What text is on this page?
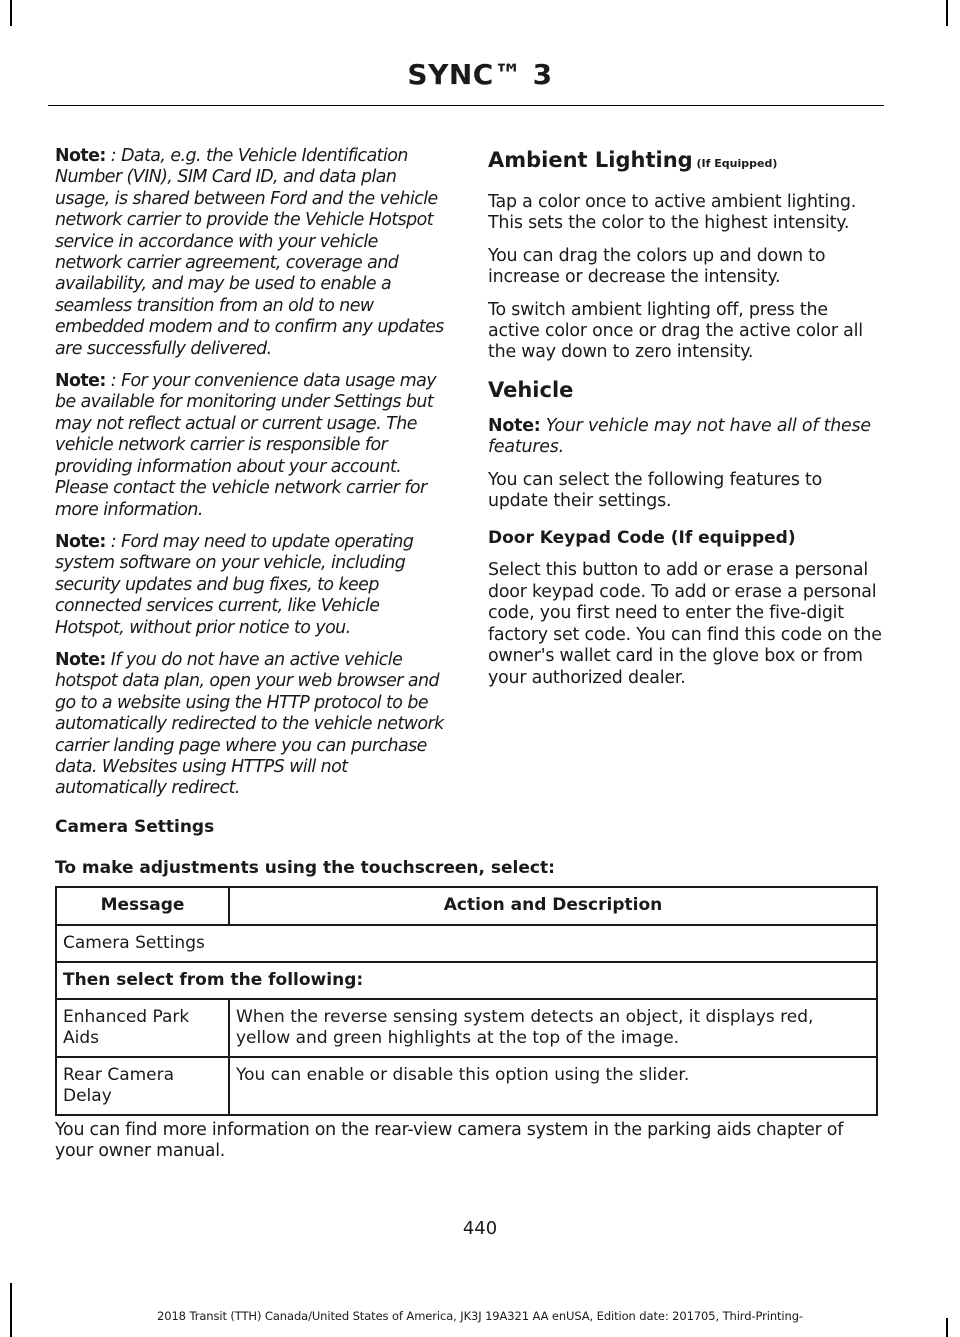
SYNC™ 3

Note: : Data, e.g. the Vehicle Identification Number (VIN), SIM Card ID, and data plan usage, is shared between Ford and the vehicle network carrier to provide the Vehicle Hotspot service in accordance with your vehicle network carrier agreement, coverage and availability, and may be used to enable a seamless transition from an old to new embedded modem and to confirm any updates are successfully delivered.

Note: : For your convenience data usage may be available for monitoring under Settings but may not reflect actual or current usage. The vehicle network carrier is responsible for providing information about your account. Please contact the vehicle network carrier for more information.

Note: : Ford may need to update operating system software on your vehicle, including security updates and bug fixes, to keep connected services current, like Vehicle Hotspot, without prior notice to you.

Note: If you do not have an active vehicle hotspot data plan, open your web browser and go to a website using the HTTP protocol to be automatically redirected to the vehicle network carrier landing page where you can purchase data. Websites using HTTPS will not automatically redirect.

Ambient Lighting (If Equipped)

Tap a color once to active ambient lighting. This sets the color to the highest intensity.

You can drag the colors up and down to increase or decrease the intensity.

To switch ambient lighting off, press the active color once or drag the active color all the way down to zero intensity.

Vehicle

Note: Your vehicle may not have all of these features.

You can select the following features to update their settings.

Door Keypad Code (If equipped)

Select this button to add or erase a personal door keypad code. To add or erase a personal code, you first need to enter the five-digit factory set code. You can find this code on the owner's wallet card in the glove box or from your authorized dealer.

Camera Settings
To make adjustments using the touchscreen, select:
Message	Action and Description
Camera Settings	
Then select from the following:	
Enhanced Park Aids	When the reverse sensing system detects an object, it displays red, yellow and green highlights at the top of the image.
Rear Camera Delay	You can enable or disable this option using the slider.
You can find more information on the rear-view camera system in the parking aids chapter of your owner manual.
440
2018 Transit (TTH) Canada/United States of America, JK3J 19A321 AA enUSA, Edition date: 201705, Third-Printing-
